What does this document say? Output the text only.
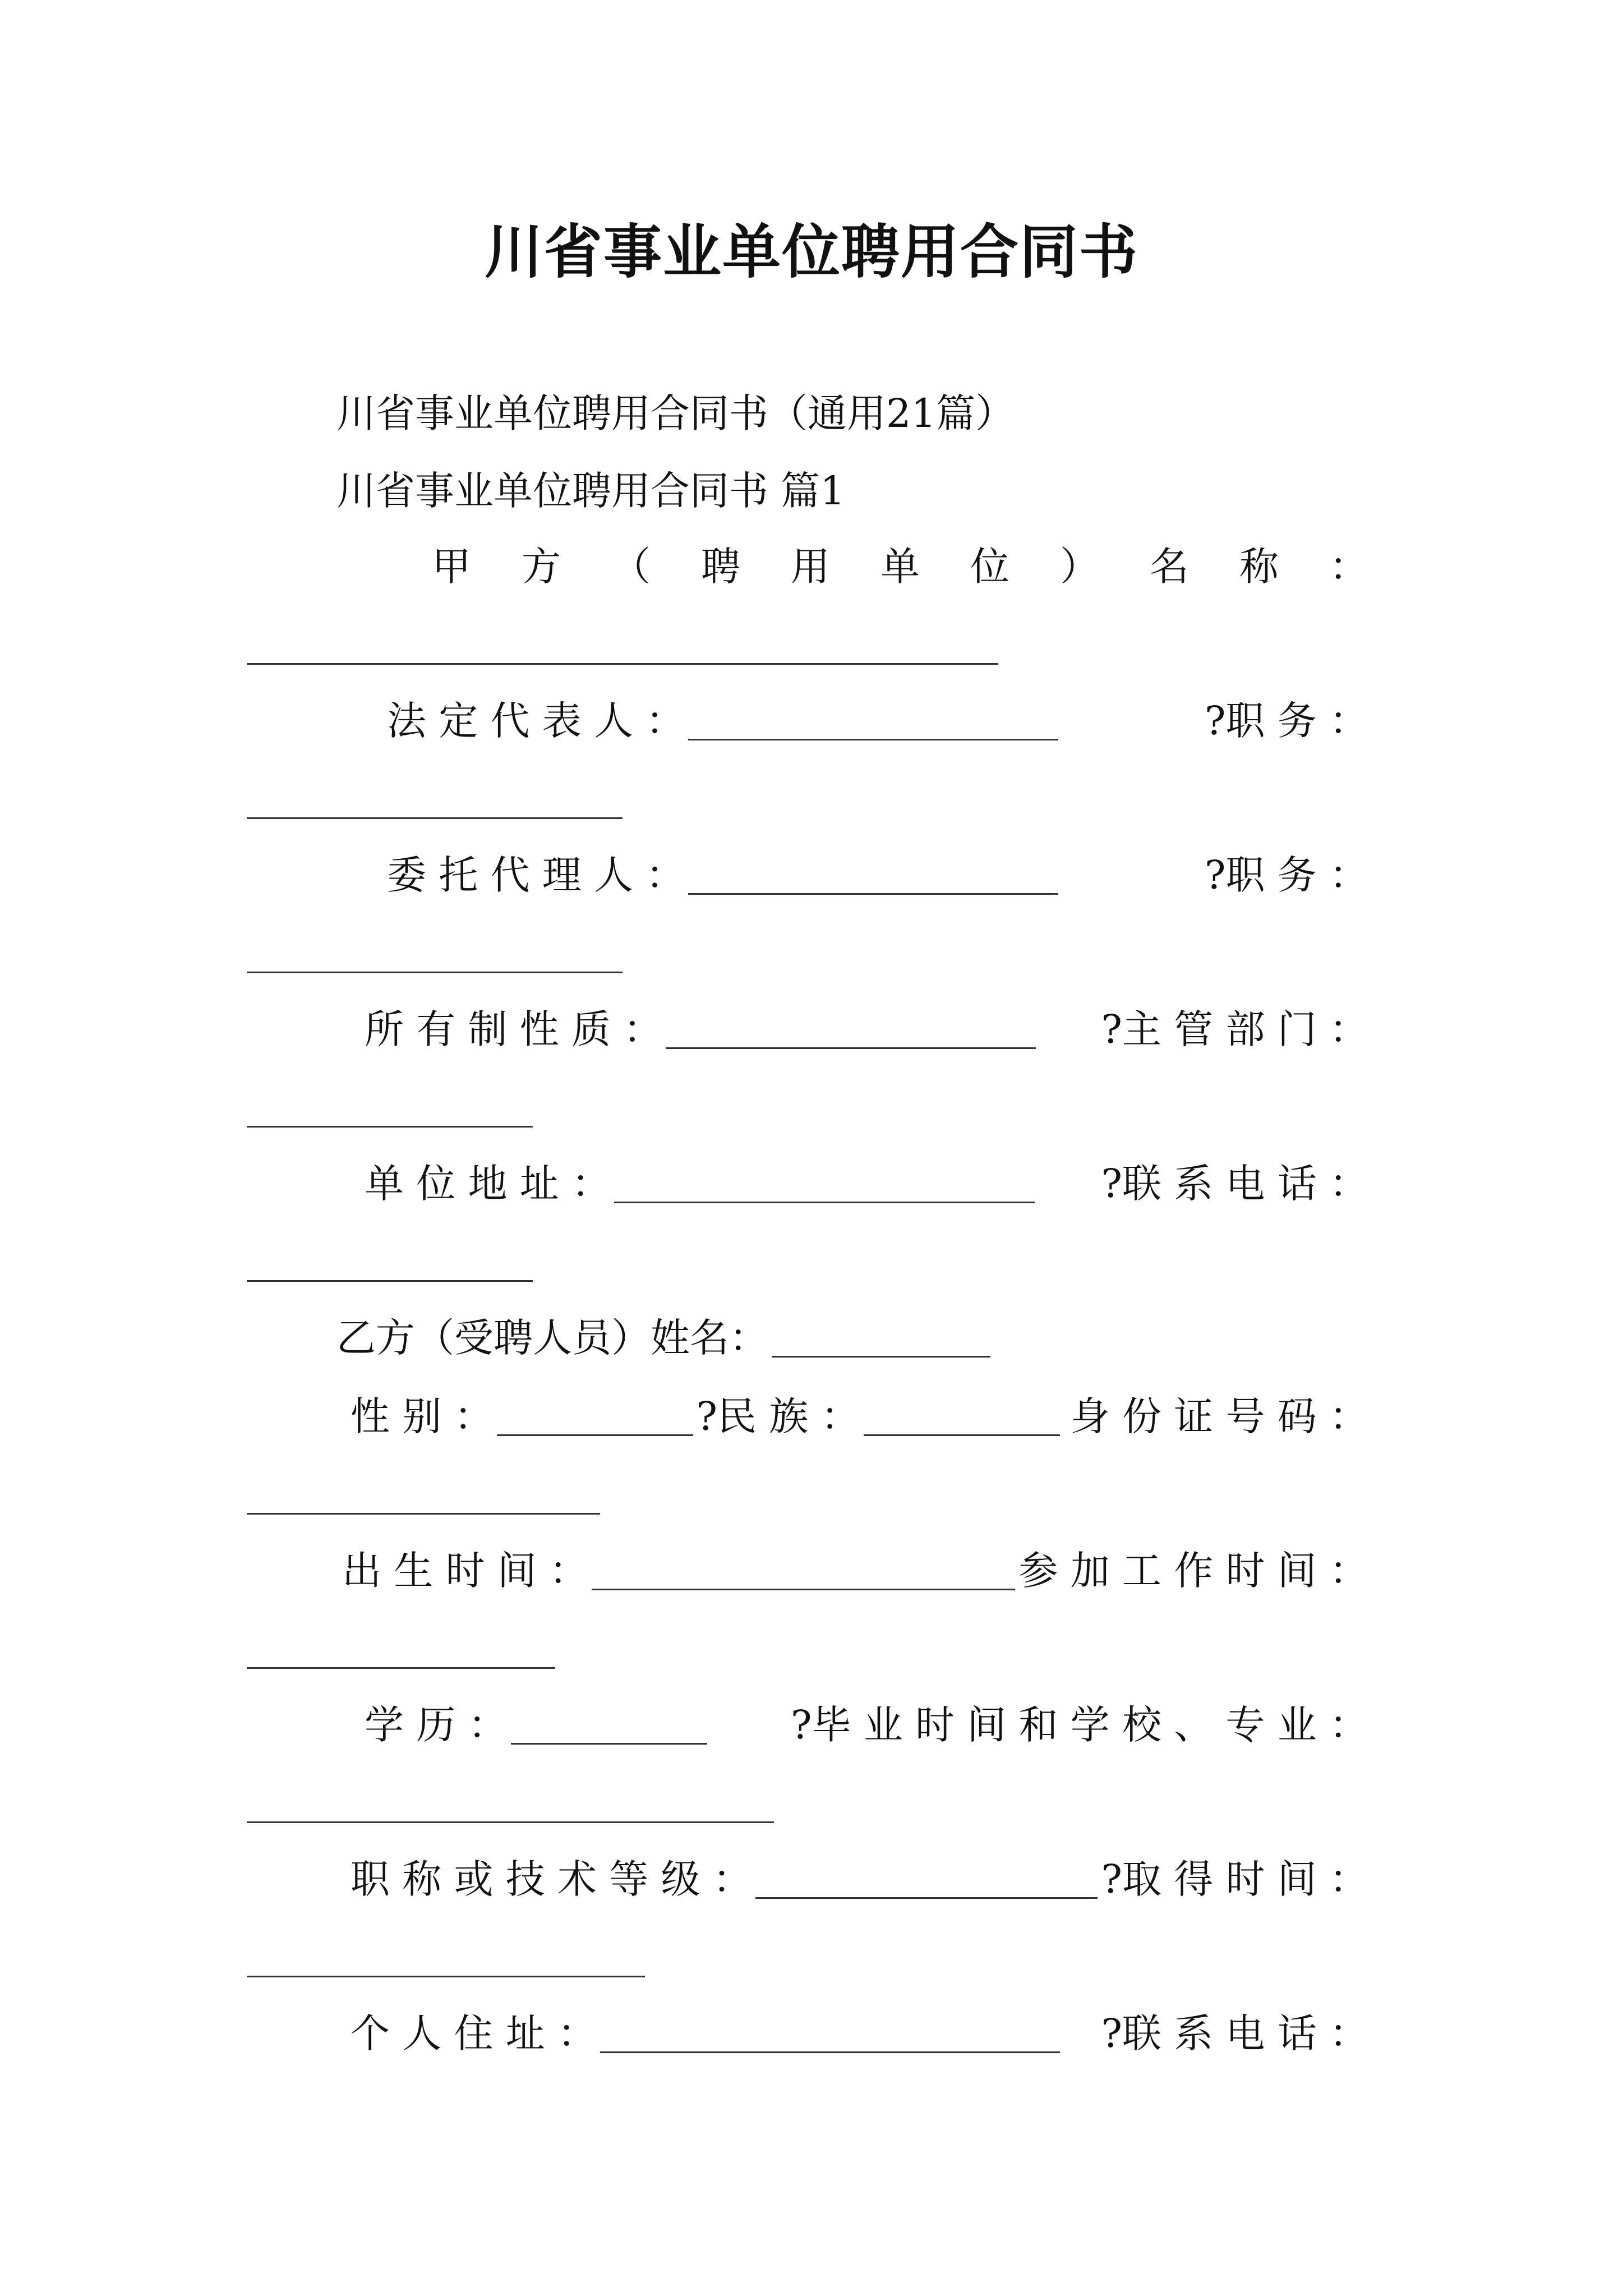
川省事业单位聘用合同书
川省事业单位聘用合同书（通用21篇）
川省事业单位聘用合同书 篇1
甲 方 （ 聘 用 单 位 ） 名 称 ：
法 定 代 表 人 ：	?职 务 ：
委 托 代 理 人 ：	?职 务 ：
所 有 制 性 质 ：	?主 管 部 门 ：
单 位 地 址 ：	?联 系 电 话 ：
乙方（受聘人员）姓名：
性 别 ：	?民 族 ：	身 份 证 号 码 ：
出 生 时 间 ：	参 加 工 作 时 间 ：
学 历 ：	?毕 业 时 间 和 学 校 、 专 业 ：
职 称 或 技 术 等 级 ：	?取 得 时 间 ：
个 人 住 址 ：	?联 系 电 话 ：
